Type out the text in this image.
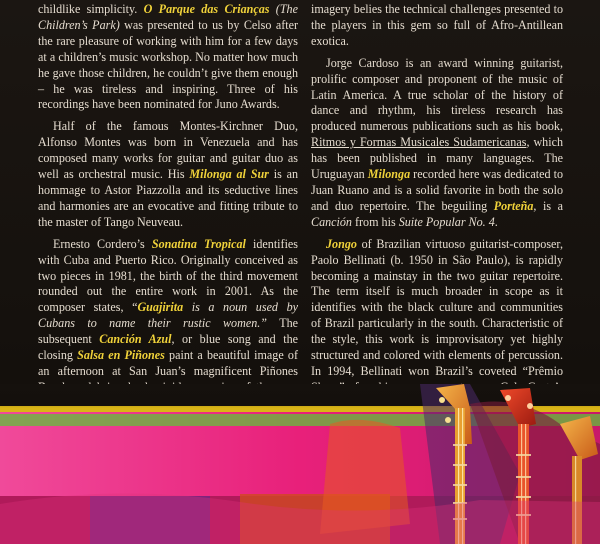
childlike simplicity. O Parque das Crianças (The Children’s Park) was presented to us by Celso after the rare pleasure of working with him for a few days at a children’s music workshop. No matter how much he gave those children, he couldn’t give them enough – he was tireless and inspiring. Three of his recordings have been nominated for Juno Awards.

Half of the famous Montes-Kirchner Duo, Alfonso Montes was born in Venezuela and has composed many works for guitar and guitar duo as well as orchestral music. His Milonga al Sur is an hommage to Astor Piazzolla and its seductive lines and harmonies are an evocative and fitting tribute to the master of Tango Neuveau.

Ernesto Cordero’s Sonatina Tropical identifies with Cuba and Puerto Rico. Originally conceived as two pieces in 1981, the birth of the third movement rounded out the entire work in 2001. As the composer states, “Guajirita is a noun used by Cubans to name their rustic women.” The subsequent Canción Azul, or blue song and the closing Salsa en Piñones paint a beautiful image of an afternoon at San Juan’s magnificent Piñones

imagery belies the technical challenges presented to the players in this gem so full of Afro-Antillean exotica.

Jorge Cardoso is an award winning guitarist, prolific composer and proponent of the music of Latin America. A true scholar of the history of dance and rhythm, his tireless research has produced numerous publications such as his book, Ritmos y Formas Musicales Sudamericanas, which has been published in many languages. The Uruguayan Milonga recorded here was dedicated to Juan Ruano and is a solid favorite in both the solo and duo repertoire. The beguiling Porteña, is a Canción from his Suite Popular No. 4.

Jongo of Brazilian virtuoso guitarist-composer, Paolo Bellinati (b. 1950 in São Paulo), is rapidly becoming a mainstay in the two guitar repertoire. The term itself is much broader in scope as it identifies with the black culture and communities of Brazil particularly in the south. Characteristic of the style, this work is improvisatory yet highly structured and colored with elements of percussion. In 1994, Bellinati won Brazil’s coveted “Prêmio
